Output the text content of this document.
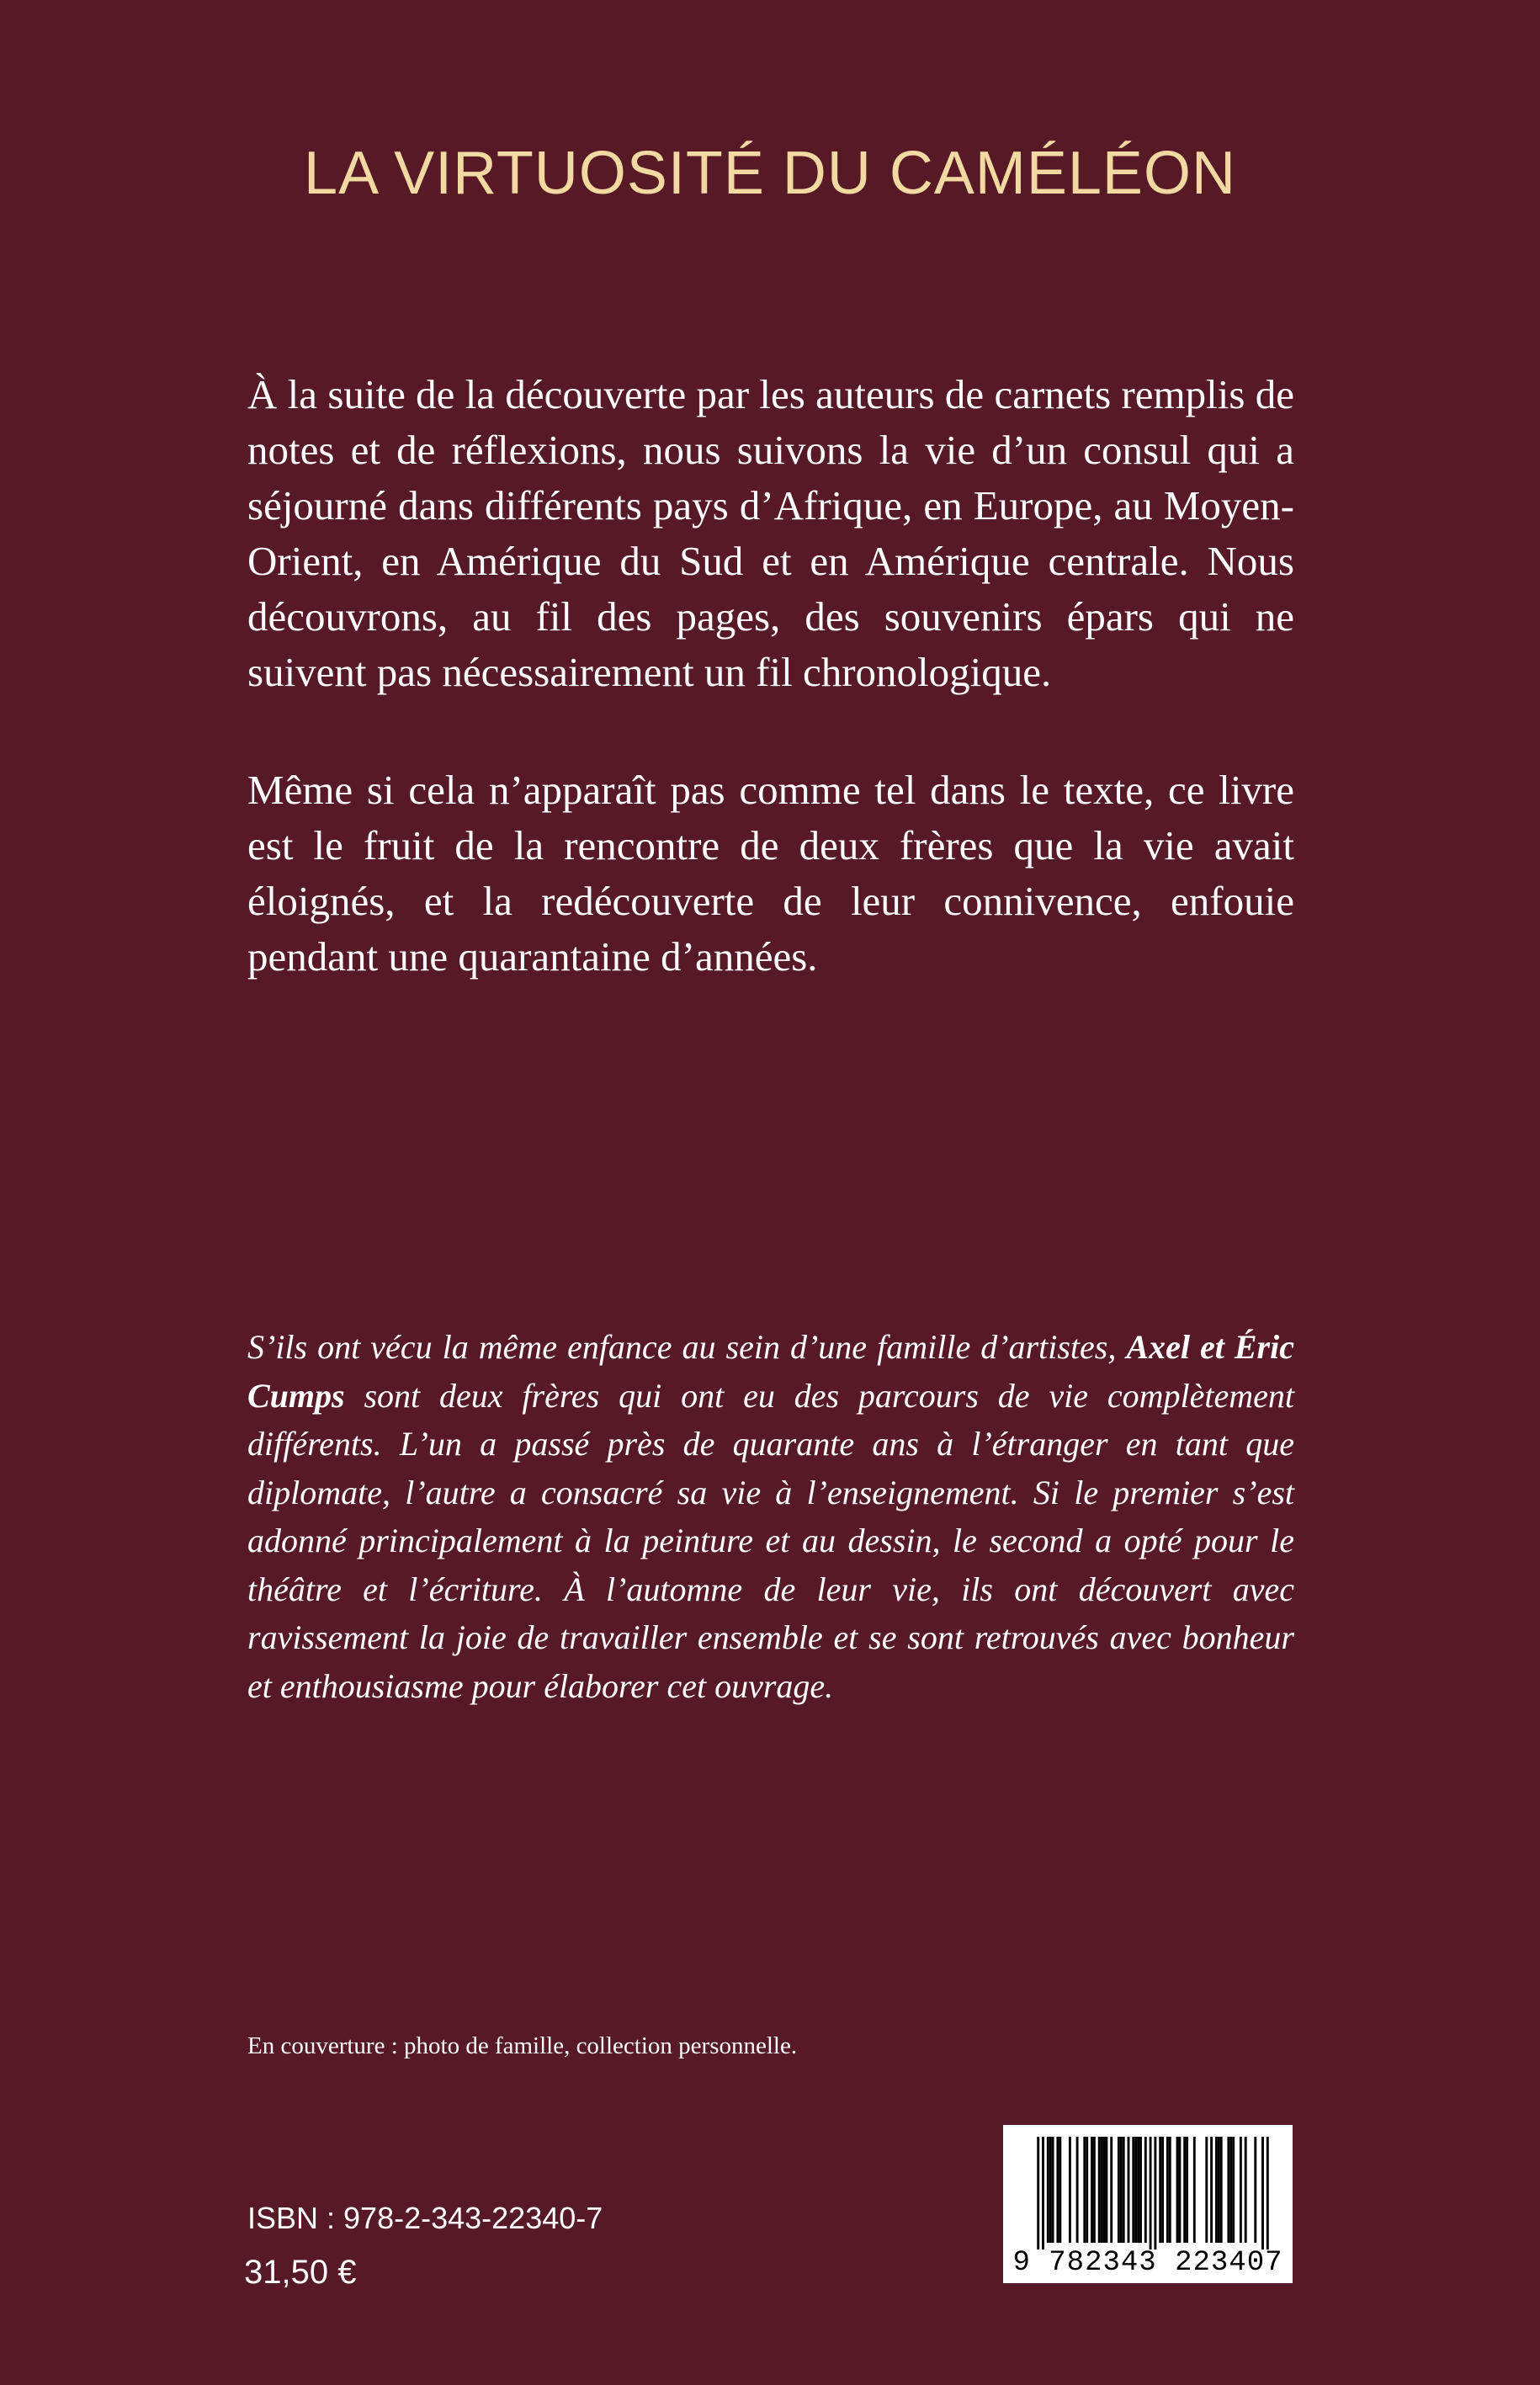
LA VIRTUOSITÉ DU CAMÉLÉON

À la suite de la découverte par les auteurs de carnets remplis de notes et de réflexions, nous suivons la vie d’un consul qui a séjourné dans différents pays d’Afrique, en Europe, au Moyen-Orient, en Amérique du Sud et en Amérique centrale. Nous découvrons, au fil des pages, des souvenirs épars qui ne suivent pas nécessairement un fil chronologique.

Même si cela n’apparaît pas comme tel dans le texte, ce livre est le fruit de la rencontre de deux frères que la vie avait éloignés, et la redécouverte de leur connivence, enfouie pendant une quarantaine d’années.

S’ils ont vécu la même enfance au sein d’une famille d’artistes, Axel et Éric Cumps sont deux frères qui ont eu des parcours de vie complètement différents. L’un a passé près de quarante ans à l’étranger en tant que diplomate, l’autre a consacré sa vie à l’enseignement. Si le premier s’est adonné principalement à la peinture et au dessin, le second a opté pour le théâtre et l’écriture. À l’automne de leur vie, ils ont découvert avec ravissement la joie de travailler ensemble et se sont retrouvés avec bonheur et enthousiasme pour élaborer cet ouvrage.

En couverture : photo de famille, collection personnelle.

ISBN : 978-2-343-22340-7

31,50 €	9 782343 223407
